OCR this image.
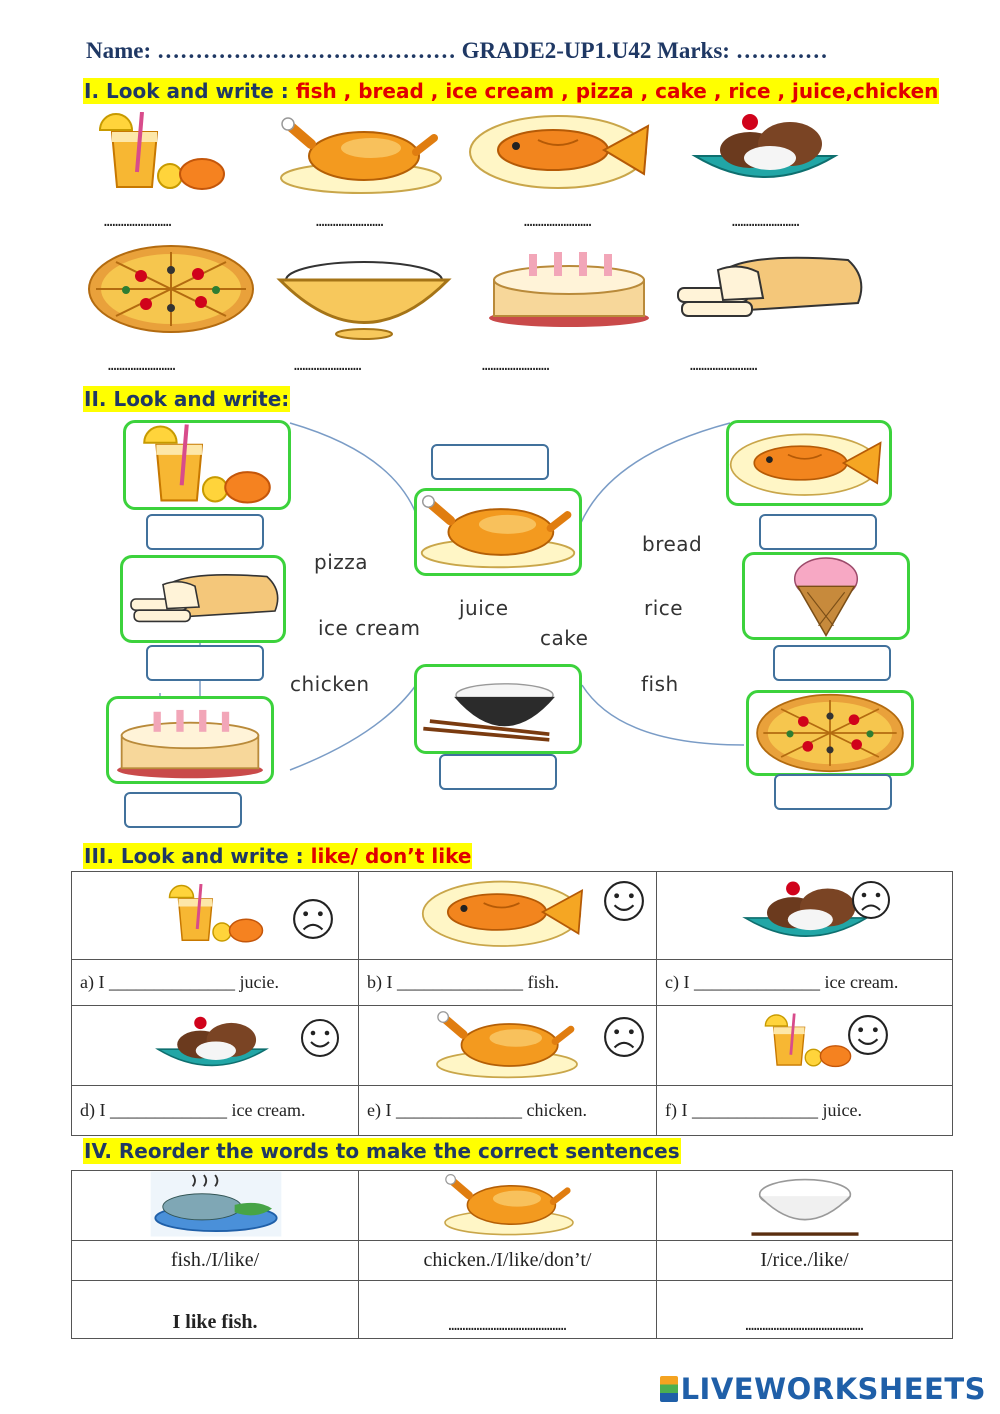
Name: ………………………………… GRADE2-UP1.U42 Marks: …………
I. Look and write : fish , bread , ice cream , pizza , cake , rice , juice,chicken
……………………	……………………	……………………	……………………
……………………	……………………	……………………	……………………
II. Look and write:
pizza
ice cream
chicken
juice
cake
bread
rice
fish
III. Look and write : like/ don’t like

a) I ______________ jucie.	b) I ______________ fish.	c) I ______________ ice cream.

d) I _____________ ice cream.	e) I ______________ chicken.	f) I ______________ juice.
IV. Reorder the words to make the correct sentences

fish./I/like/	chicken./I/like/don’t/	I/rice./like/
I like fish.	……………………………………	……………………………………
LIVEWORKSHEETS
